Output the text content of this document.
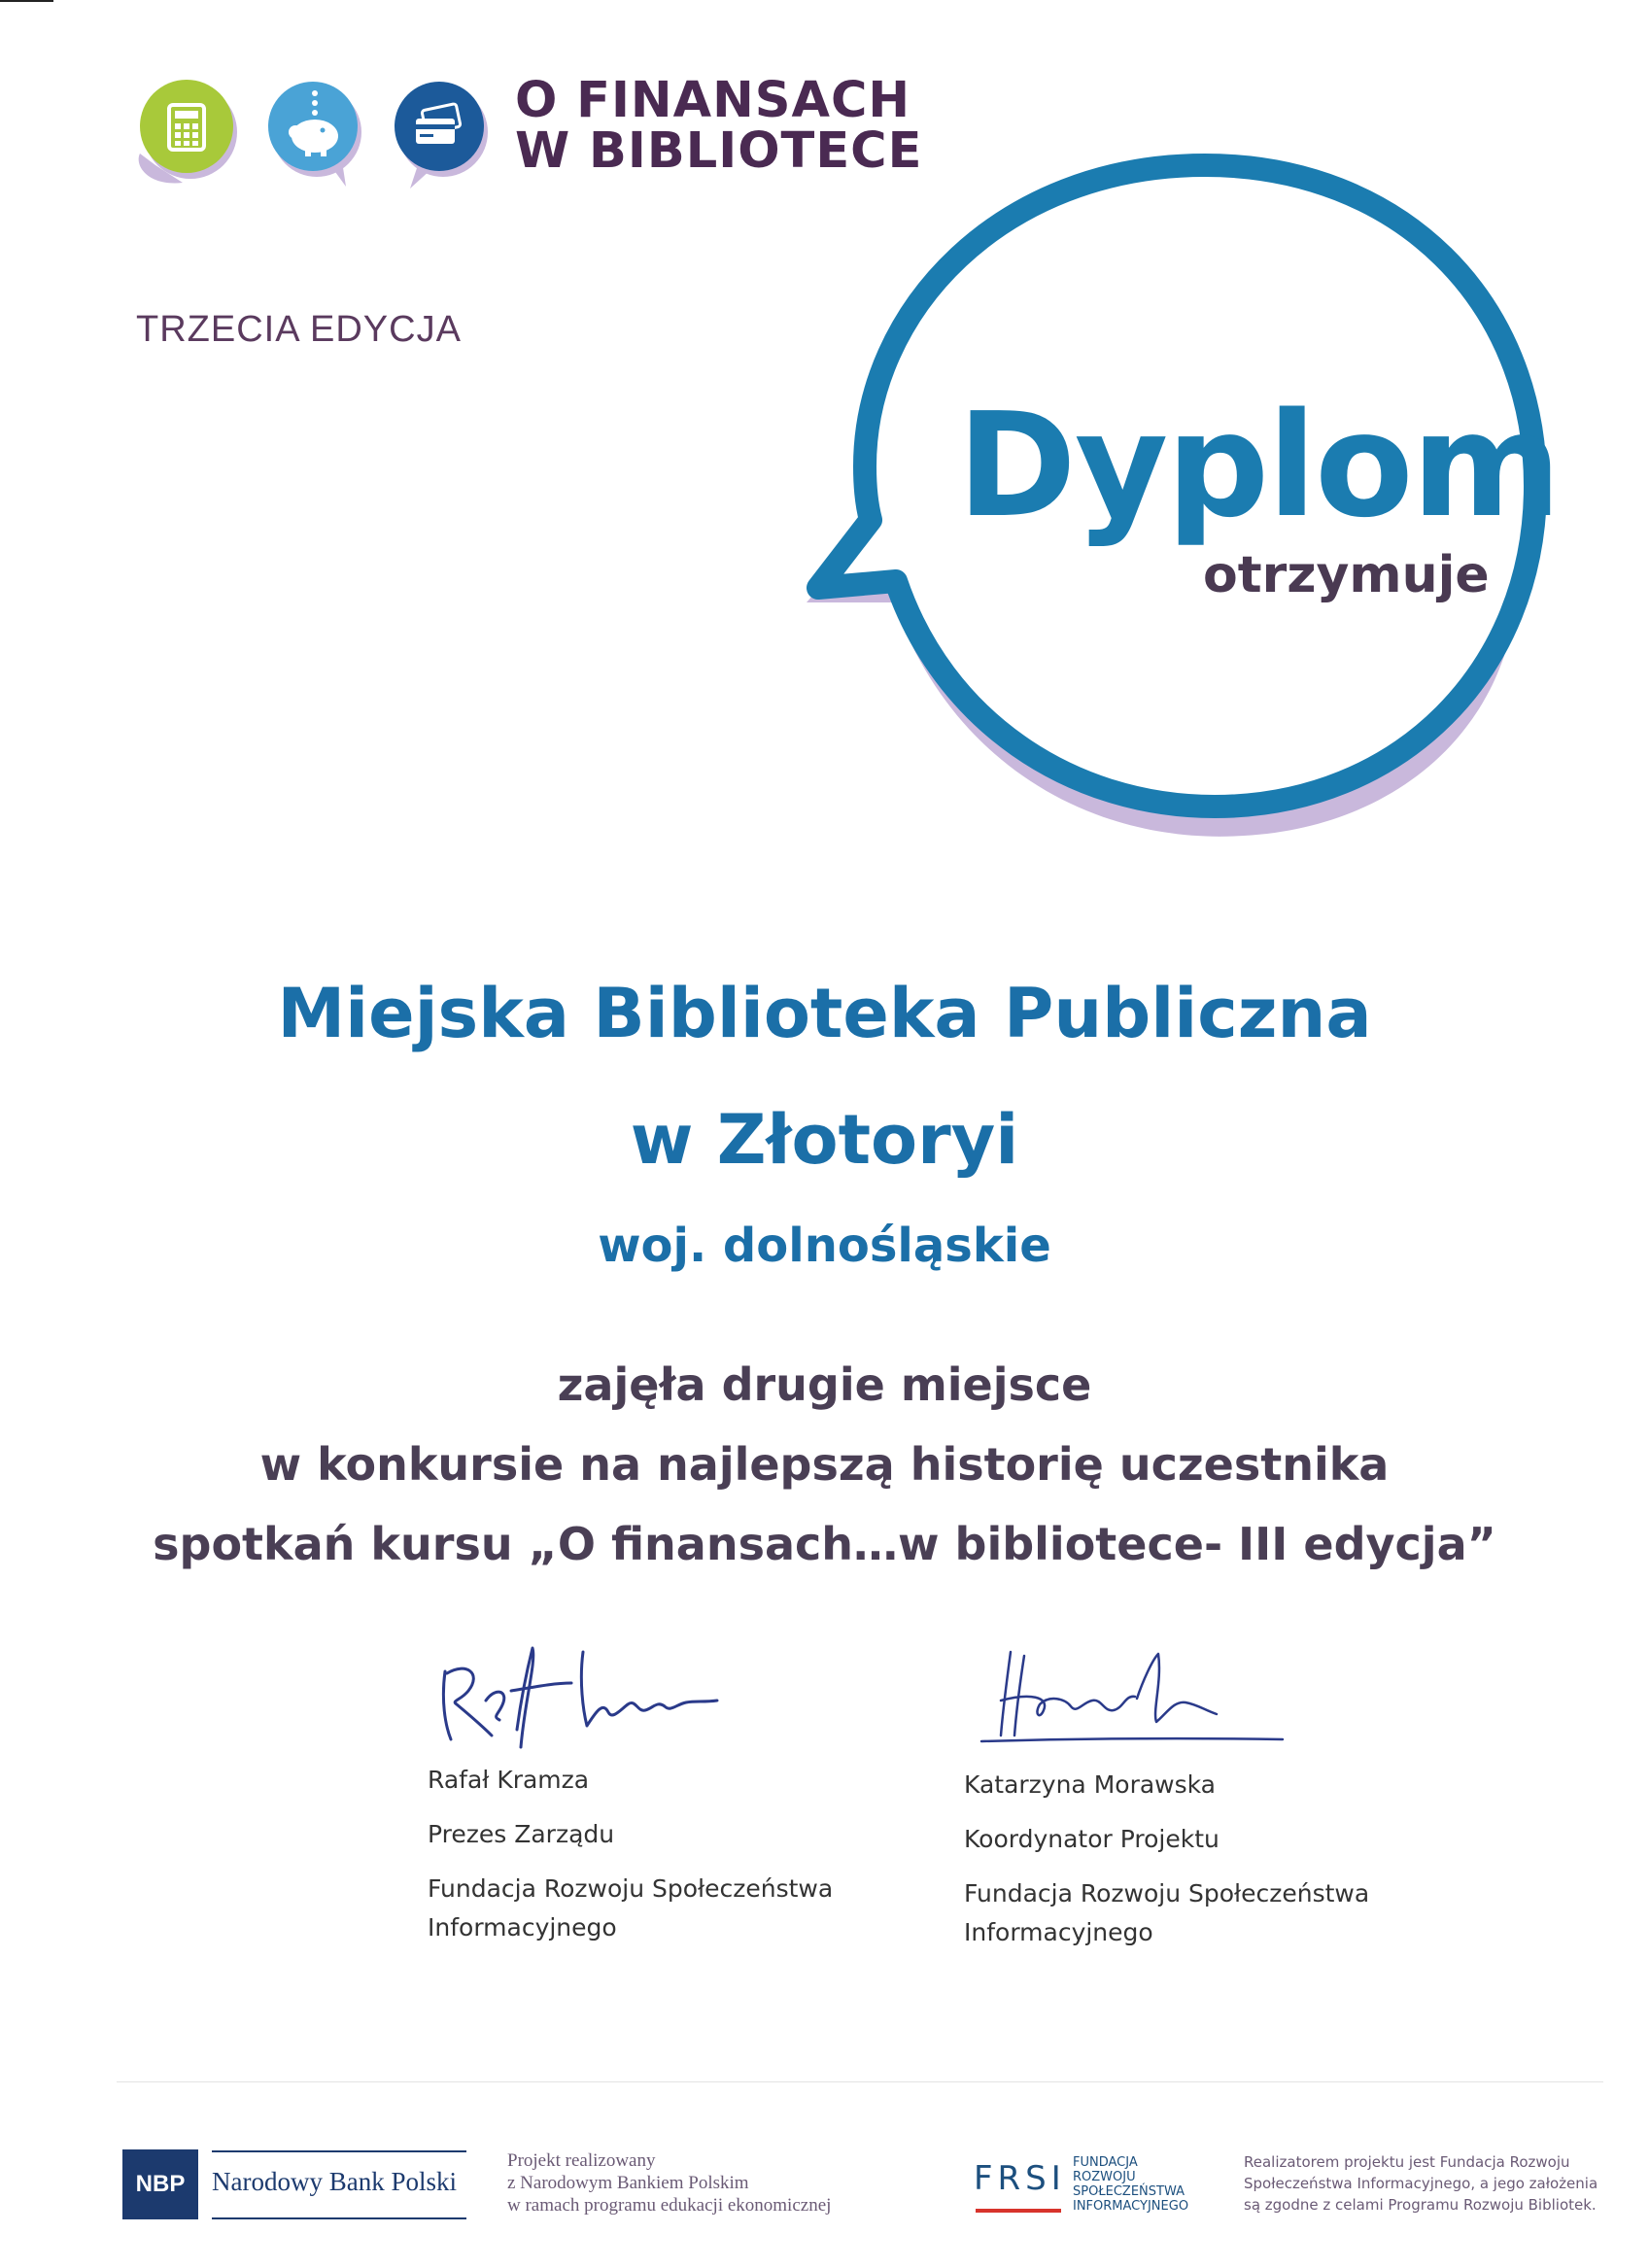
O FINANSACH
W BIBLIOTECE
TRZECIA EDYCJA
Dyplom
otrzymuje
Miejska Biblioteka Publiczna
w Złotoryi
woj. dolnośląskie
zajęła drugie miejsce
w konkursie na najlepszą historię uczestnika
spotkań kursu „O finansach…w bibliotece- III edycja”
Rafał Kramza
Prezes Zarządu
Fundacja Rozwoju Społeczeństwa
Informacyjnego
Katarzyna Morawska
Koordynator Projektu
Fundacja Rozwoju Społeczeństwa
Informacyjnego
NBP	Narodowy Bank Polski
Projekt realizowany
z Narodowym Bankiem Polskim
w ramach programu edukacji ekonomicznej
FRSI FUNDACJA
ROZWOJU
SPOŁECZEŃSTWA
INFORMACYJNEGO
Realizatorem projektu jest Fundacja Rozwoju
Społeczeństwa Informacyjnego, a jego założenia
są zgodne z celami Programu Rozwoju Bibliotek.
